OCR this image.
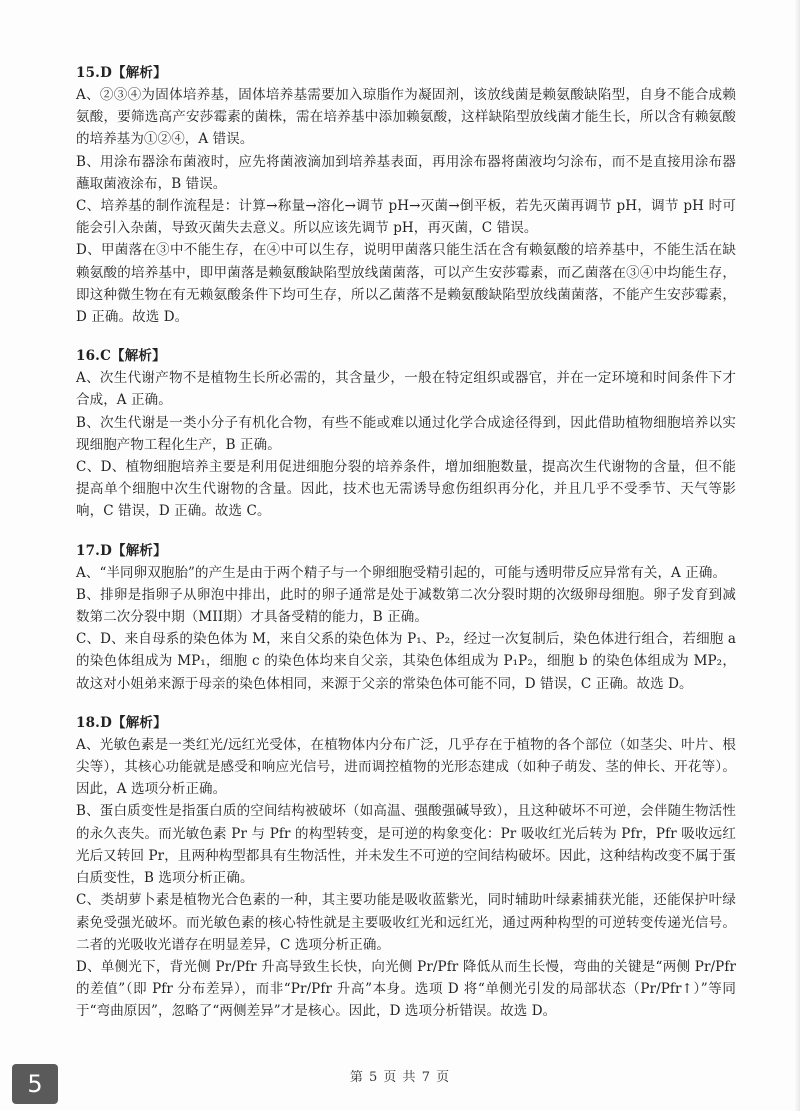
15.D【解析】

A、②③④为固体培养基，固体培养基需要加入琼脂作为凝固剂，该放线菌是赖氨酸缺陷型，自身不能合成赖氨酸，要筛选高产安莎霉素的菌株，需在培养基中添加赖氨酸，这样缺陷型放线菌才能生长，所以含有赖氨酸的培养基为①②④，A 错误。

B、用涂布器涂布菌液时，应先将菌液滴加到培养基表面，再用涂布器将菌液均匀涂布，而不是直接用涂布器蘸取菌液涂布，B 错误。

C、培养基的制作流程是：计算→称量→溶化→调节 pH→灭菌→倒平板，若先灭菌再调节 pH，调节 pH 时可能会引入杂菌，导致灭菌失去意义。所以应该先调节 pH，再灭菌，C 错误。

D、甲菌落在③中不能生存，在④中可以生存，说明甲菌落只能生活在含有赖氨酸的培养基中，不能生活在缺赖氨酸的培养基中，即甲菌落是赖氨酸缺陷型放线菌菌落，可以产生安莎霉素，而乙菌落在③④中均能生存，即这种微生物在有无赖氨酸条件下均可生存，所以乙菌落不是赖氨酸缺陷型放线菌菌落，不能产生安莎霉素，D 正确。故选 D。

16.C【解析】

A、次生代谢产物不是植物生长所必需的，其含量少，一般在特定组织或器官，并在一定环境和时间条件下才合成，A 正确。

B、次生代谢是一类小分子有机化合物，有些不能或难以通过化学合成途径得到，因此借助植物细胞培养以实现细胞产物工程化生产，B 正确。

C、D、植物细胞培养主要是利用促进细胞分裂的培养条件，增加细胞数量，提高次生代谢物的含量，但不能提高单个细胞中次生代谢物的含量。因此，技术也无需诱导愈伤组织再分化，并且几乎不受季节、天气等影响，C 错误，D 正确。故选 C。

17.D【解析】

A、“半同卵双胞胎”的产生是由于两个精子与一个卵细胞受精引起的，可能与透明带反应异常有关，A 正确。

B、排卵是指卵子从卵泡中排出，此时的卵子通常是处于减数第二次分裂时期的次级卵母细胞。卵子发育到减数第二次分裂中期（MII期）才具备受精的能力，B 正确。

C、D、来自母系的染色体为 M，来自父系的染色体为 P₁、P₂，经过一次复制后，染色体进行组合，若细胞 a 的染色体组成为 MP₁，细胞 c 的染色体均来自父亲，其染色体组成为 P₁P₂，细胞 b 的染色体组成为 MP₂，故这对小姐弟来源于母亲的染色体相同，来源于父亲的常染色体可能不同，D 错误，C 正确。故选 D。

18.D【解析】

A、光敏色素是一类红光/远红光受体，在植物体内分布广泛，几乎存在于植物的各个部位（如茎尖、叶片、根尖等），其核心功能就是感受和响应光信号，进而调控植物的光形态建成（如种子萌发、茎的伸长、开花等）。因此，A 选项分析正确。

B、蛋白质变性是指蛋白质的空间结构被破坏（如高温、强酸强碱导致），且这种破坏不可逆，会伴随生物活性的永久丧失。而光敏色素 Pr 与 Pfr 的构型转变，是可逆的构象变化：Pr 吸收红光后转为 Pfr，Pfr 吸收远红光后又转回 Pr，且两种构型都具有生物活性，并未发生不可逆的空间结构破坏。因此，这种结构改变不属于蛋白质变性，B 选项分析正确。

C、类胡萝卜素是植物光合色素的一种，其主要功能是吸收蓝紫光，同时辅助叶绿素捕获光能，还能保护叶绿素免受强光破坏。而光敏色素的核心特性就是主要吸收红光和远红光，通过两种构型的可逆转变传递光信号。二者的光吸收光谱存在明显差异，C 选项分析正确。

D、单侧光下，背光侧 Pr/Pfr 升高导致生长快，向光侧 Pr/Pfr 降低从而生长慢，弯曲的关键是“两侧 Pr/Pfr 的差值”（即 Pfr 分布差异），而非“Pr/Pfr 升高”本身。选项 D 将“单侧光引发的局部状态（Pr/Pfr↑）”等同于“弯曲原因”，忽略了“两侧差异”才是核心。因此，D 选项分析错误。故选 D。

第 5 页 共 7 页
5
